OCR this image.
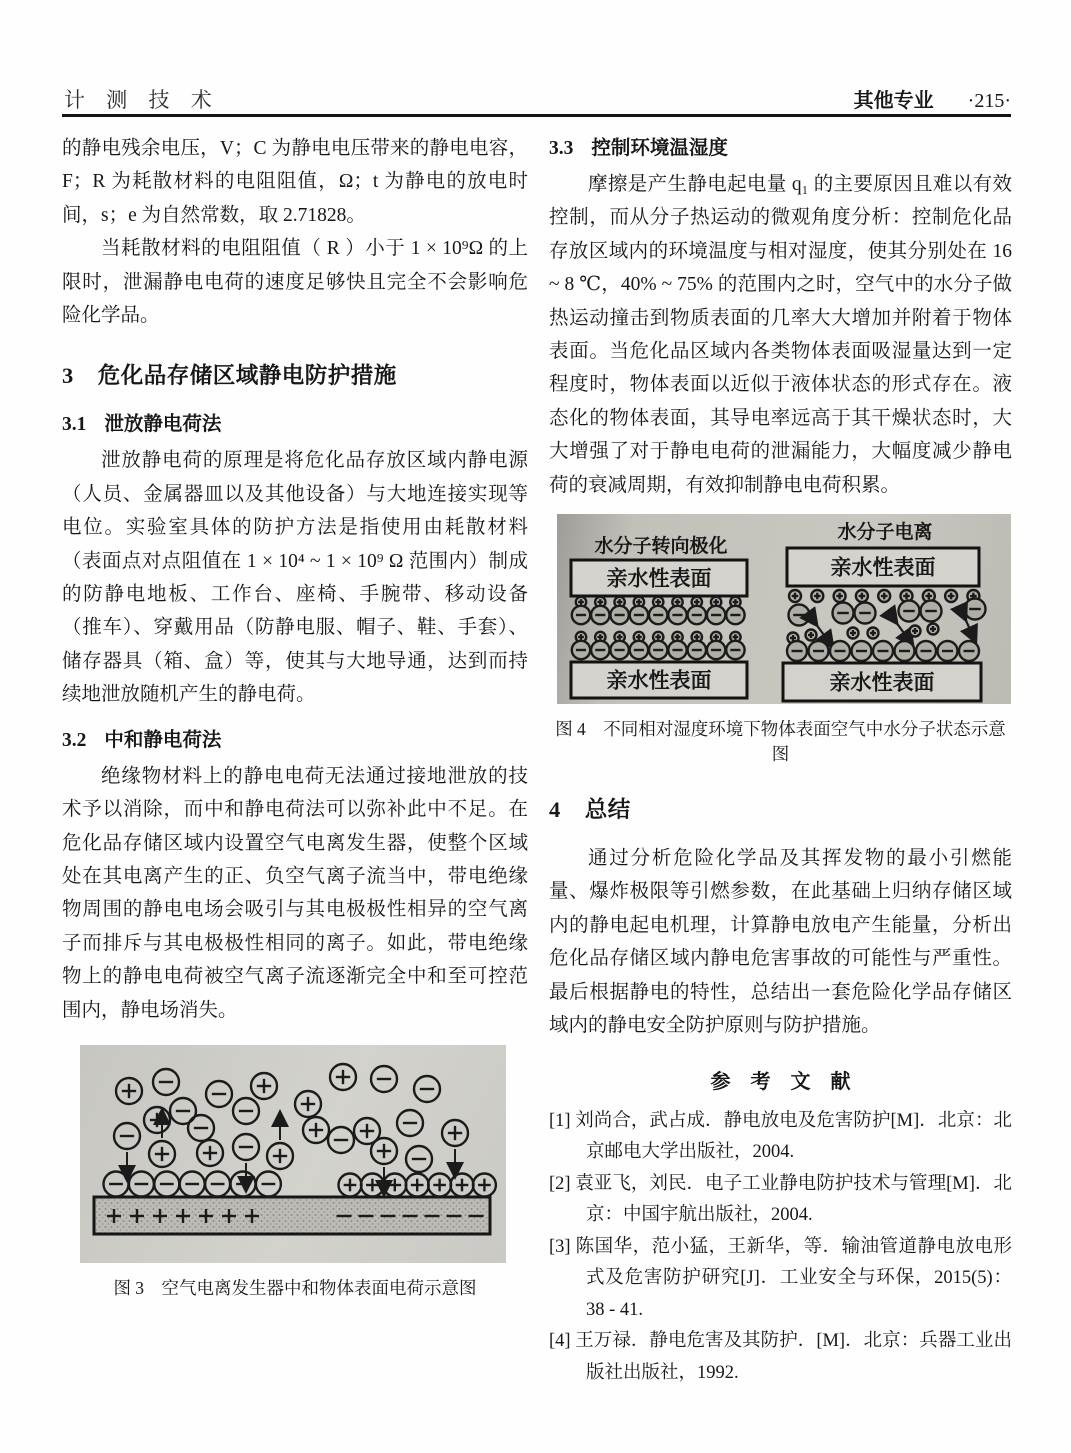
计 测 技 术	其他专业 ·215·

的静电残余电压，V；C 为静电电压带来的静电电容，F；R 为耗散材料的电阻阻值，Ω；t 为静电的放电时间，s；e 为自然常数，取 2.71828。

当耗散材料的电阻阻值（ R ）小于 1 × 10⁹Ω 的上限时，泄漏静电电荷的速度足够快且完全不会影响危险化学品。

3 危化品存储区域静电防护措施
3.1 泄放静电荷法

泄放静电荷的原理是将危化品存放区域内静电源（人员、金属器皿以及其他设备）与大地连接实现等电位。实验室具体的防护方法是指使用由耗散材料（表面点对点阻值在 1 × 10⁴ ~ 1 × 10⁹ Ω 范围内）制成的防静电地板、工作台、座椅、手腕带、移动设备（推车）、穿戴用品（防静电服、帽子、鞋、手套）、储存器具（箱、盒）等，使其与大地导通，达到而持续地泄放随机产生的静电荷。

3.2 中和静电荷法

绝缘物材料上的静电电荷无法通过接地泄放的技术予以消除，而中和静电荷法可以弥补此中不足。在危化品存储区域内设置空气电离发生器，使整个区域处在其电离产生的正、负空气离子流当中，带电绝缘物周围的静电电场会吸引与其电极极性相异的空气离子而排斥与其电极极性相同的离子。如此，带电绝缘物上的静电电荷被空气离子流逐渐完全中和至可控范围内，静电场消失。

图 3　空气电离发生器中和物体表面电荷示意图

3.3 控制环境温湿度

摩擦是产生静电起电量 q₁ 的主要原因且难以有效控制，而从分子热运动的微观角度分析：控制危化品存放区域内的环境温度与相对湿度，使其分别处在 16 ~ 8 ℃，40% ~ 75% 的范围内之时，空气中的水分子做热运动撞击到物质表面的几率大大增加并附着于物体表面。当危化品区域内各类物体表面吸湿量达到一定程度时，物体表面以近似于液体状态的形式存在。液态化的物体表面，其导电率远高于其干燥状态时，大大增强了对于静电电荷的泄漏能力，大幅度减少静电荷的衰减周期，有效抑制静电电荷积累。

水分子转向极化
亲水性表面
亲水性表面
水分子电离
亲水性表面
亲水性表面

图 4　不同相对湿度环境下物体表面空气中水分子状态示意图

4 总结

通过分析危险化学品及其挥发物的最小引燃能量、爆炸极限等引燃参数，在此基础上归纳存储区域内的静电起电机理，计算静电放电产生能量，分析出危化品存储区域内静电危害事故的可能性与严重性。最后根据静电的特性，总结出一套危险化学品存储区域内的静电安全防护原则与防护措施。

参　考　文　献

[1] 刘尚合，武占成．静电放电及危害防护[M]．北京：北京邮电大学出版社，2004.

[2] 袁亚飞，刘民．电子工业静电防护技术与管理[M]．北京：中国宇航出版社，2004.

[3] 陈国华，范小猛，王新华，等．输油管道静电放电形式及危害防护研究[J]．工业安全与环保，2015(5)：38 - 41.

[4] 王万禄．静电危害及其防护．[M]．北京：兵器工业出版社出版社，1992.
